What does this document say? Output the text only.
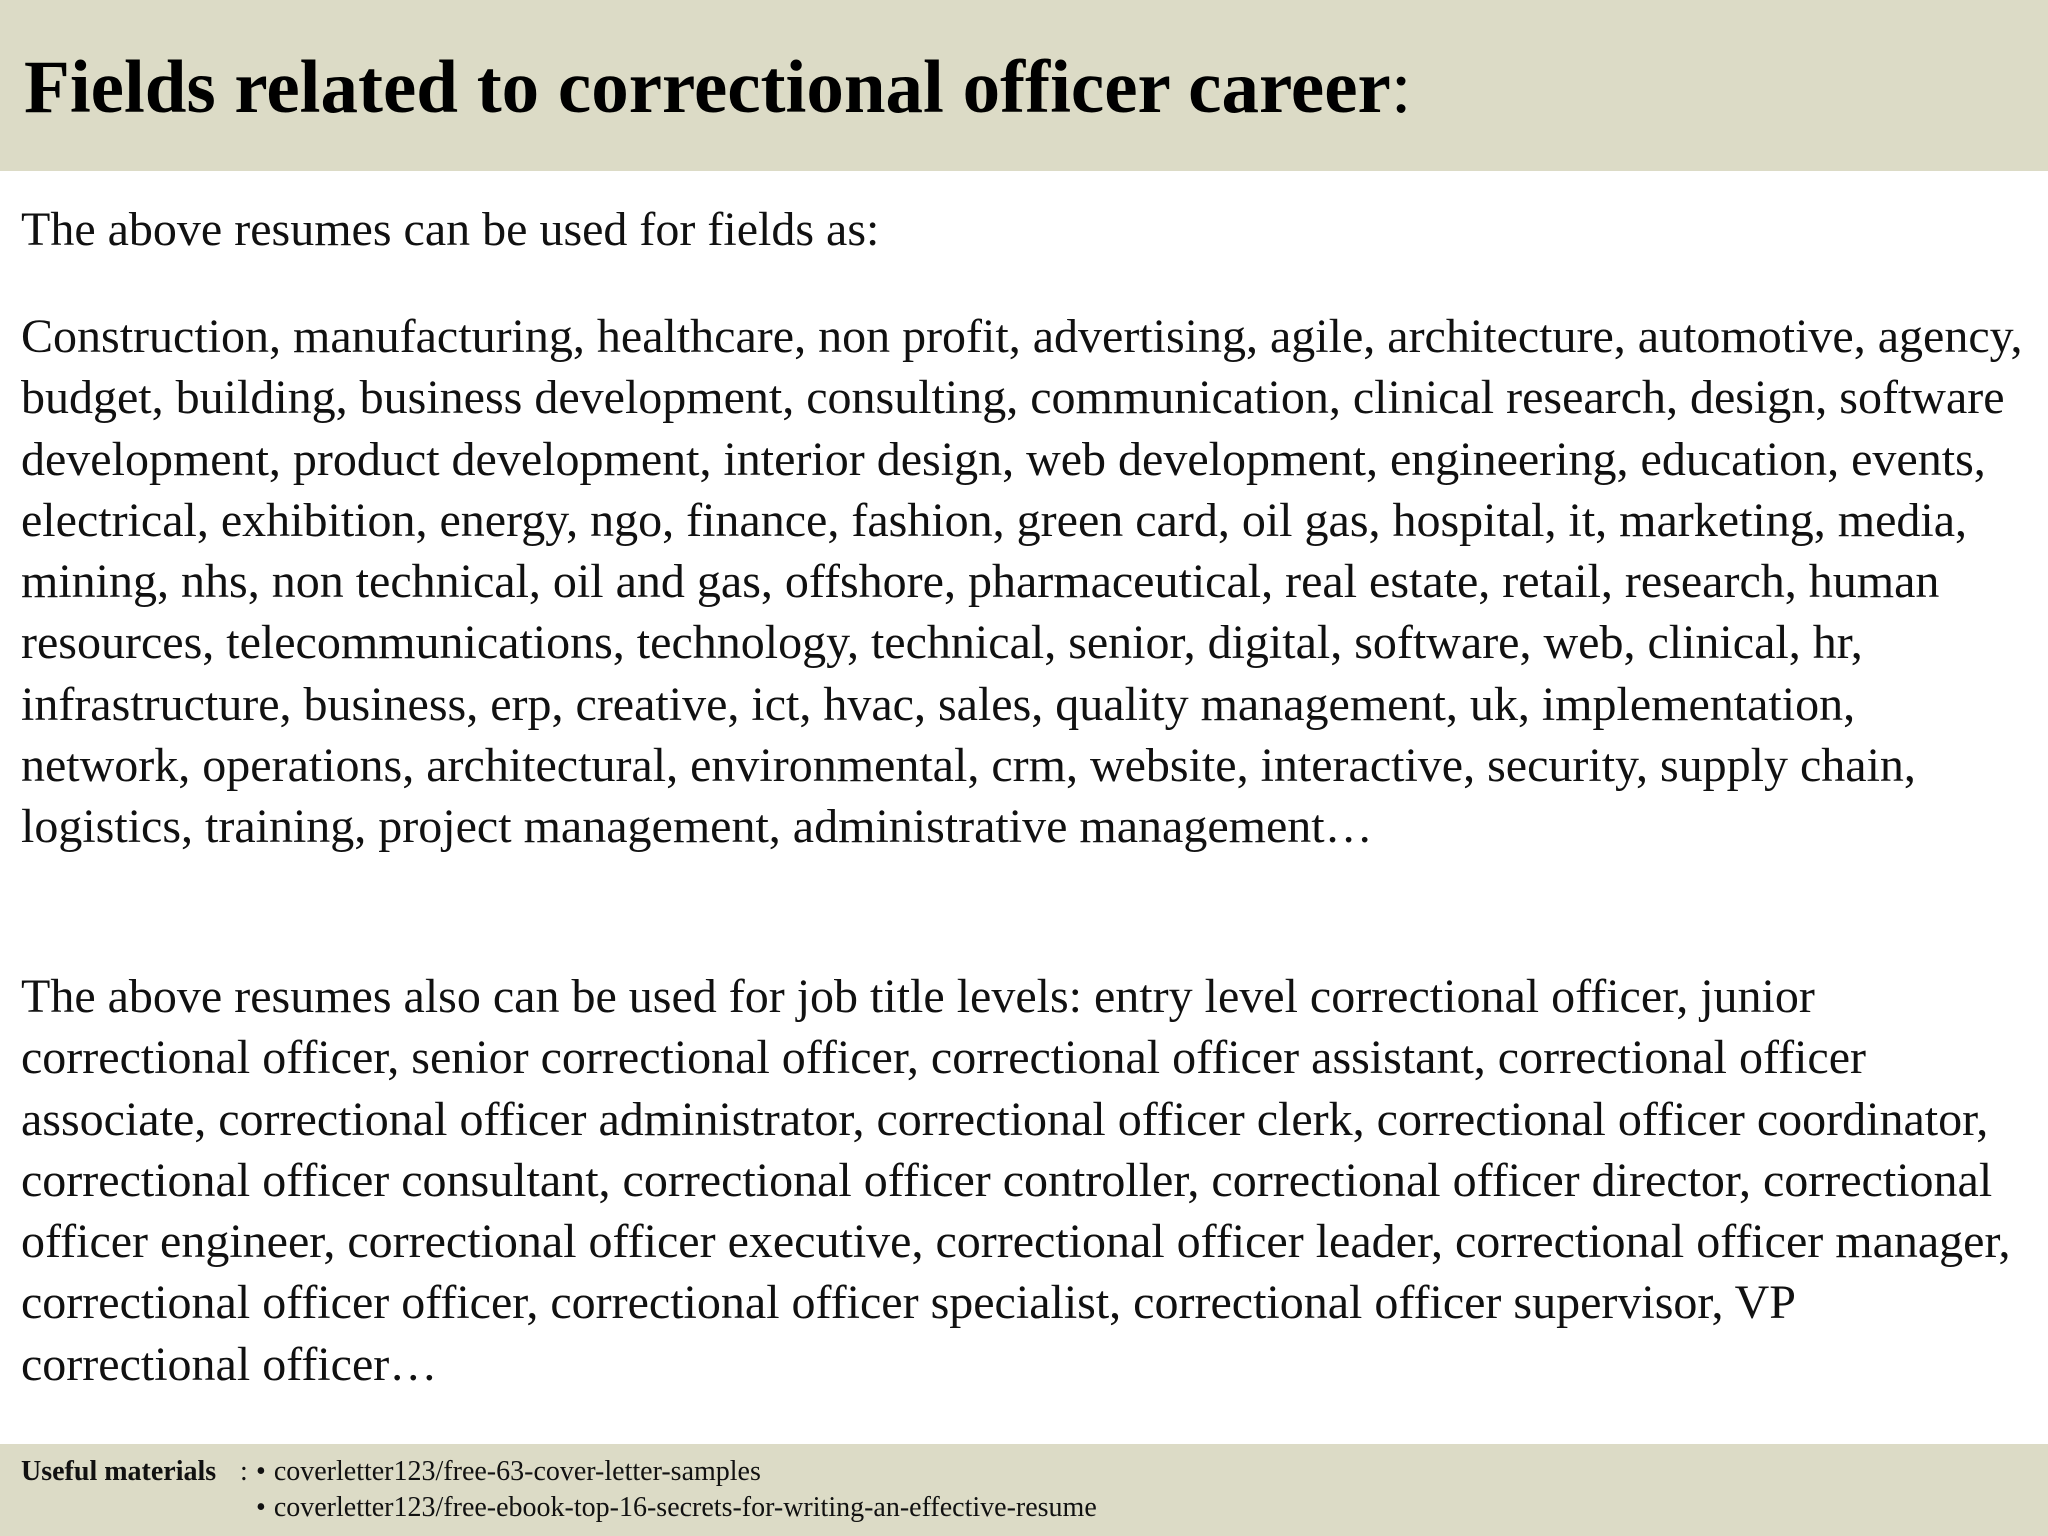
Fields related to correctional officer career:

The above resumes can be used for fields as:

Construction, manufacturing, healthcare, non profit, advertising, agile, architecture, automotive, agency, budget, building, business development, consulting, communication, clinical research, design, software development, product development, interior design, web development, engineering, education, events, electrical, exhibition, energy, ngo, finance, fashion, green card, oil gas, hospital, it, marketing, media, mining, nhs, non technical, oil and gas, offshore, pharmaceutical, real estate, retail, research, human resources, telecommunications, technology, technical, senior, digital, software, web, clinical, hr, infrastructure, business, erp, creative, ict, hvac, sales, quality management, uk, implementation, network, operations, architectural, environmental, crm, website, interactive, security, supply chain, logistics, training, project management, administrative management…

The above resumes also can be used for job title levels: entry level correctional officer, junior correctional officer, senior correctional officer, correctional officer assistant, correctional officer associate, correctional officer administrator, correctional officer clerk, correctional officer coordinator, correctional officer consultant, correctional officer controller, correctional officer director, correctional officer engineer, correctional officer executive, correctional officer leader, correctional officer manager, correctional officer officer, correctional officer specialist, correctional officer supervisor, VP correctional officer…

Useful materials : • coverletter123/free-63-cover-letter-samples
• coverletter123/free-ebook-top-16-secrets-for-writing-an-effective-resume
